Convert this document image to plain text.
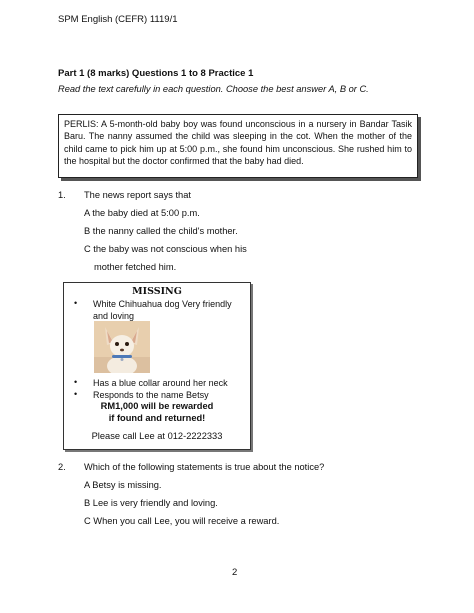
SPM English (CEFR) 1119/1
Part 1 (8 marks) Questions 1 to 8 Practice 1
Read the text carefully in each question. Choose the best answer A, B or C.
PERLIS: A 5-month-old baby boy was found unconscious in a nursery in Bandar Tasik Baru. The nanny assumed the child was sleeping in the cot. When the mother of the child came to pick him up at 5:00 p.m., she found him unconscious. She rushed him to the hospital but the doctor confirmed that the baby had died.
1. The news report says that
A the baby died at 5:00 p.m.
B the nanny called the child's mother.
C the baby was not conscious when his
mother fetched him.
MISSING
• White Chihuahua dog Very friendly
and loving
• Has a blue collar around her neck
• Responds to the name Betsy
RM1,000 will be rewarded
if found and returned!
Please call Lee at 012-2222333
2. Which of the following statements is true about the notice?
A Betsy is missing.
B Lee is very friendly and loving.
C When you call Lee, you will receive a reward.
2
